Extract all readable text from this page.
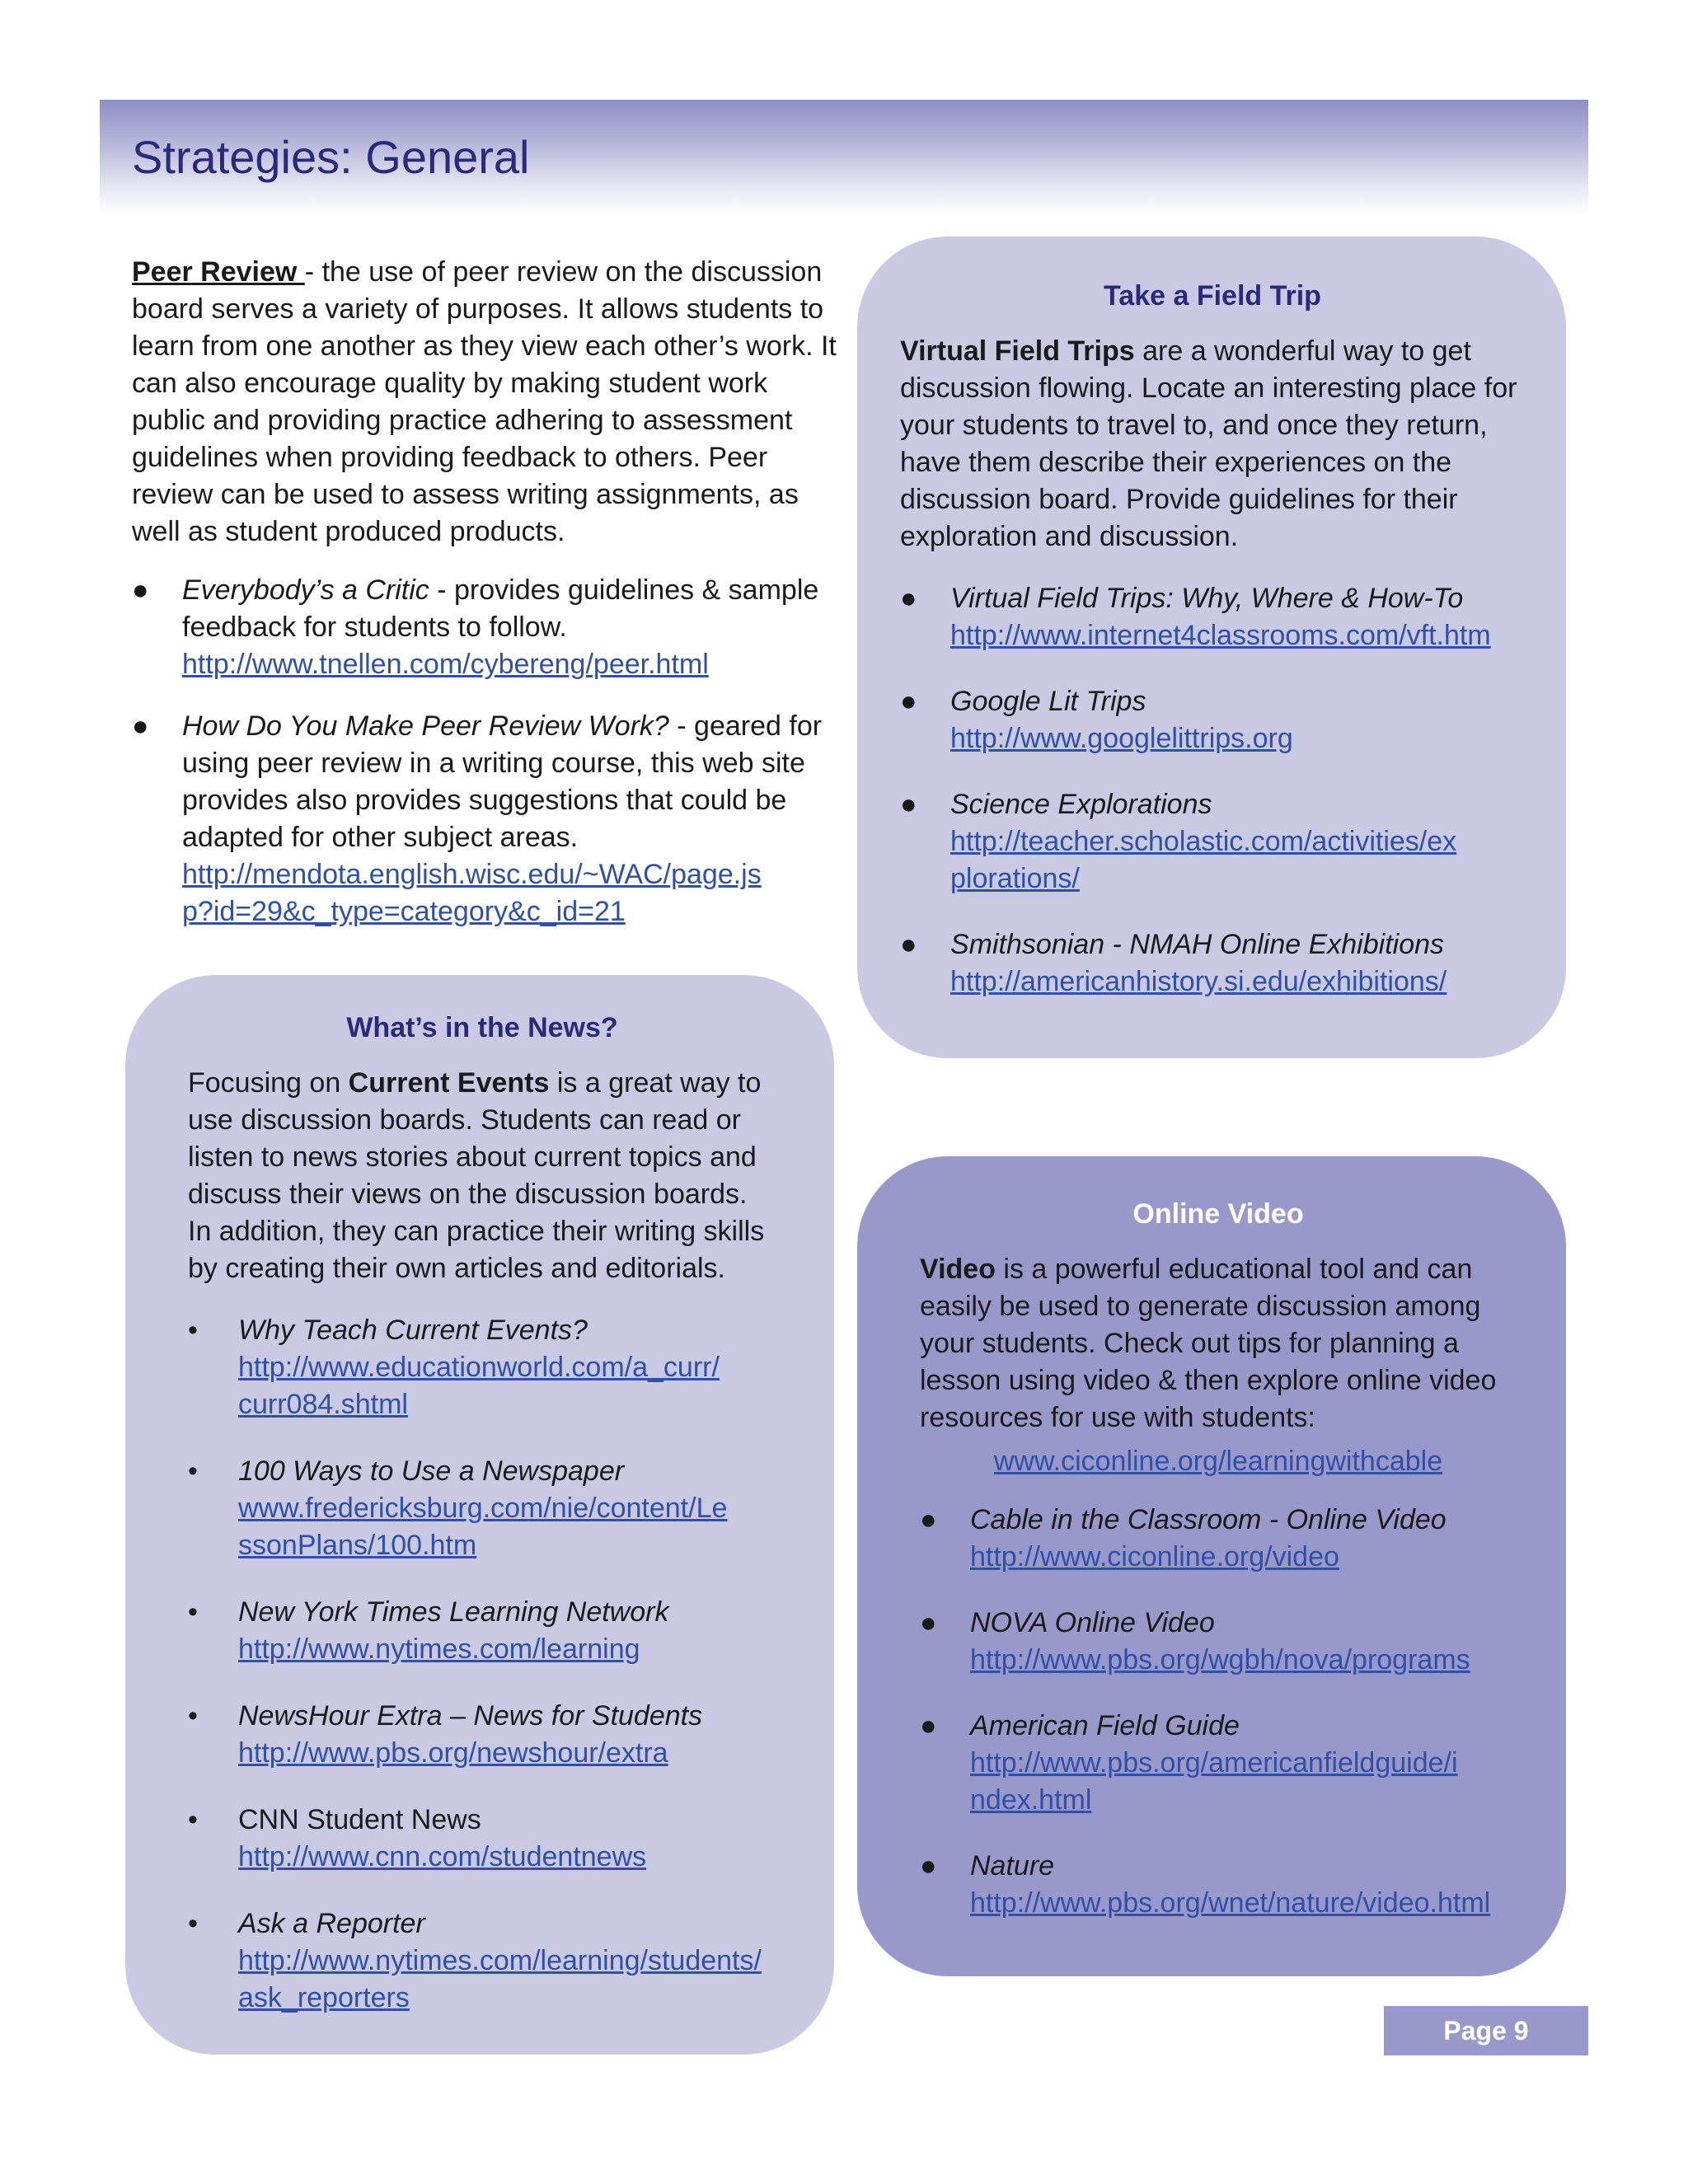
Strategies: General

Peer Review - the use of peer review on the discussion board serves a variety of purposes. It allows students to learn from one another as they view each other’s work. It can also encourage quality by making student work public and providing practice adhering to assessment guidelines when providing feedback to others. Peer review can be used to assess writing assignments, as well as student produced products.

● Everybody’s a Critic - provides guidelines & sample feedback for students to follow.
http://www.tnellen.com/cybereng/peer.html
● How Do You Make Peer Review Work? - geared for using peer review in a writing course, this web site provides also provides suggestions that could be adapted for other subject areas.
http://mendota.english.wisc.edu/~WAC/page.jsp?id=29&c_type=category&c_id=21

Take a Field Trip

Virtual Field Trips are a wonderful way to get discussion flowing. Locate an interesting place for your students to travel to, and once they return, have them describe their experiences on the discussion board. Provide guidelines for their exploration and discussion.

● Virtual Field Trips: Why, Where & How-To
http://www.internet4classrooms.com/vft.htm
● Google Lit Trips
http://www.googlelittrips.org
● Science Explorations
http://teacher.scholastic.com/activities/explorations/
● Smithsonian - NMAH Online Exhibitions
http://americanhistory.si.edu/exhibitions/

What’s in the News?

Focusing on Current Events is a great way to use discussion boards. Students can read or listen to news stories about current topics and discuss their views on the discussion boards. In addition, they can practice their writing skills by creating their own articles and editorials.

• Why Teach Current Events?
http://www.educationworld.com/a_curr/curr084.shtml
• 100 Ways to Use a Newspaper
www.fredericksburg.com/nie/content/LessonPlans/100.htm
• New York Times Learning Network
http://www.nytimes.com/learning
• NewsHour Extra – News for Students
http://www.pbs.org/newshour/extra
• CNN Student News
http://www.cnn.com/studentnews
• Ask a Reporter
http://www.nytimes.com/learning/students/ask_reporters

Online Video

Video is a powerful educational tool and can easily be used to generate discussion among your students. Check out tips for planning a lesson using video & then explore online video resources for use with students:

www.ciconline.org/learningwithcable

● Cable in the Classroom - Online Video
http://www.ciconline.org/video
● NOVA Online Video
http://www.pbs.org/wgbh/nova/programs
● American Field Guide
http://www.pbs.org/americanfieldguide/index.html
● Nature
http://www.pbs.org/wnet/nature/video.html
Page 9
